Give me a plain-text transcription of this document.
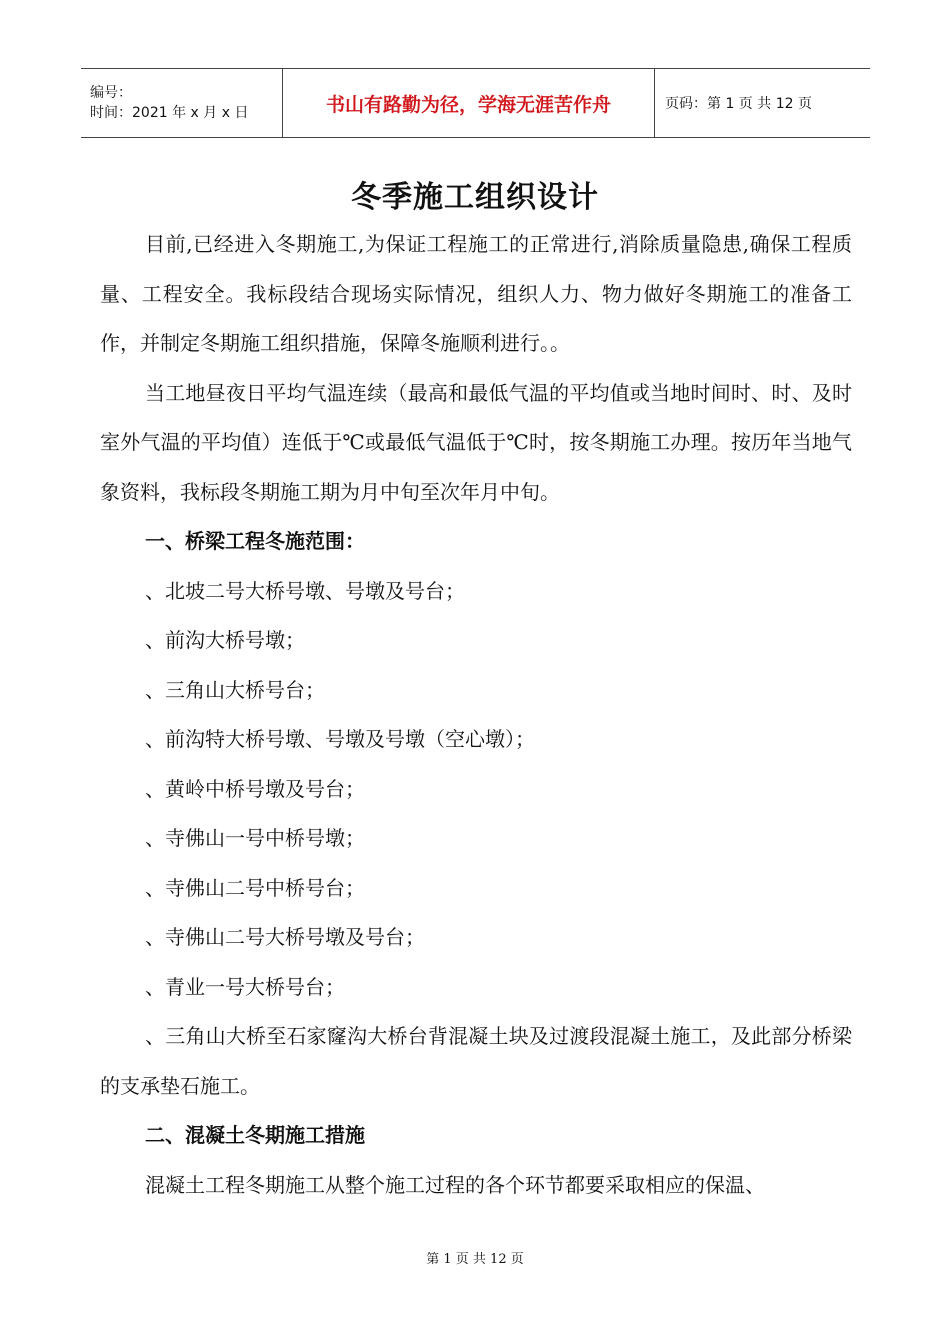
编号：
时间：2021 年 x 月 x 日	书山有路勤为径，学海无涯苦作舟	页码：第 1 页 共 12 页
冬季施工组织设计

目前,已经进入冬期施工,为保证工程施工的正常进行,消除质量隐患,确保工程质量、工程安全。我标段结合现场实际情况，组织人力、物力做好冬期施工的准备工作，并制定冬期施工组织措施，保障冬施顺利进行。。

当工地昼夜日平均气温连续（最高和最低气温的平均值或当地时间时、时、及时室外气温的平均值）连低于℃或最低气温低于℃时，按冬期施工办理。按历年当地气象资料，我标段冬期施工期为月中旬至次年月中旬。

一、桥梁工程冬施范围：

、北坡二号大桥号墩、号墩及号台；

、前沟大桥号墩；

、三角山大桥号台；

、前沟特大桥号墩、号墩及号墩（空心墩）；

、黄岭中桥号墩及号台；

、寺佛山一号中桥号墩；

、寺佛山二号中桥号台；

、寺佛山二号大桥号墩及号台；

、青业一号大桥号台；

、三角山大桥至石家窿沟大桥台背混凝土块及过渡段混凝土施工，及此部分桥梁的支承垫石施工。

二、混凝土冬期施工措施

混凝土工程冬期施工从整个施工过程的各个环节都要采取相应的保温、

第 1 页 共 12 页
